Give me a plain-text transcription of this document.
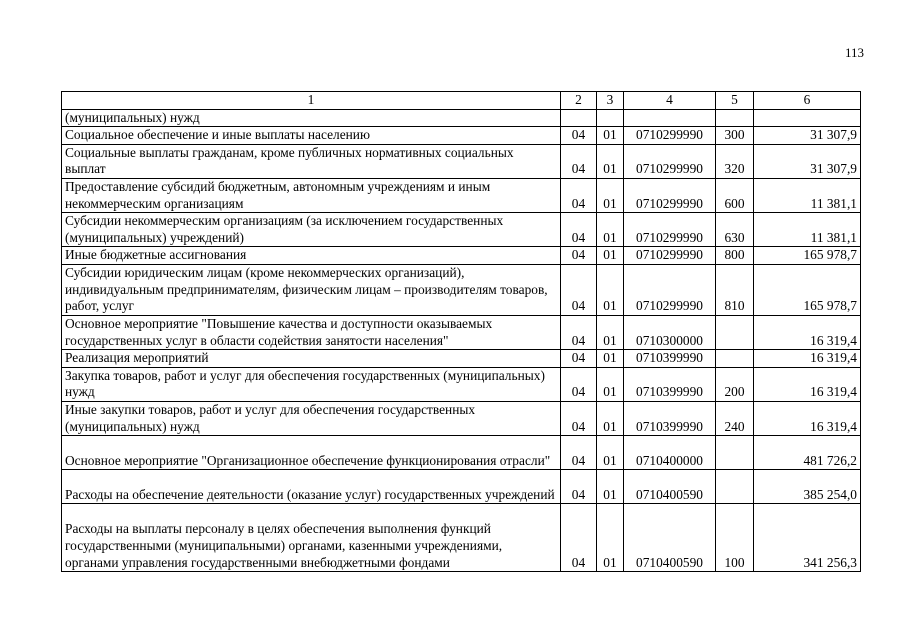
113
1	2	3	4	5	6
(муниципальных) нужд					
Социальное обеспечение и иные выплаты населению	04	01	0710299990	300	31 307,9
Социальные выплаты гражданам, кроме публичных нормативных социальных выплат	04	01	0710299990	320	31 307,9
Предоставление субсидий бюджетным, автономным учреждениям и иным некоммерческим организациям	04	01	0710299990	600	11 381,1
Субсидии некоммерческим организациям (за исключением государственных (муниципальных) учреждений)	04	01	0710299990	630	11 381,1
Иные бюджетные ассигнования	04	01	0710299990	800	165 978,7
Субсидии юридическим лицам (кроме некоммерческих организаций), индивидуальным предпринимателям, физическим лицам – производителям товаров, работ, услуг	04	01	0710299990	810	165 978,7
Основное мероприятие "Повышение качества и доступности оказываемых государственных услуг в области содействия занятости населения"	04	01	0710300000		16 319,4
Реализация мероприятий	04	01	0710399990		16 319,4
Закупка товаров, работ и услуг для обеспечения государственных (муниципальных) нужд	04	01	0710399990	200	16 319,4
Иные закупки товаров, работ и услуг для обеспечения государственных (муниципальных) нужд	04	01	0710399990	240	16 319,4
Основное мероприятие "Организационное обеспечение функционирования отрасли"	04	01	0710400000		481 726,2
Расходы на обеспечение деятельности (оказание услуг) государственных учреждений	04	01	0710400590		385 254,0
Расходы на выплаты персоналу в целях обеспечения выполнения функций государственными (муниципальными) органами, казенными учреждениями, органами управления государственными внебюджетными фондами	04	01	0710400590	100	341 256,3
